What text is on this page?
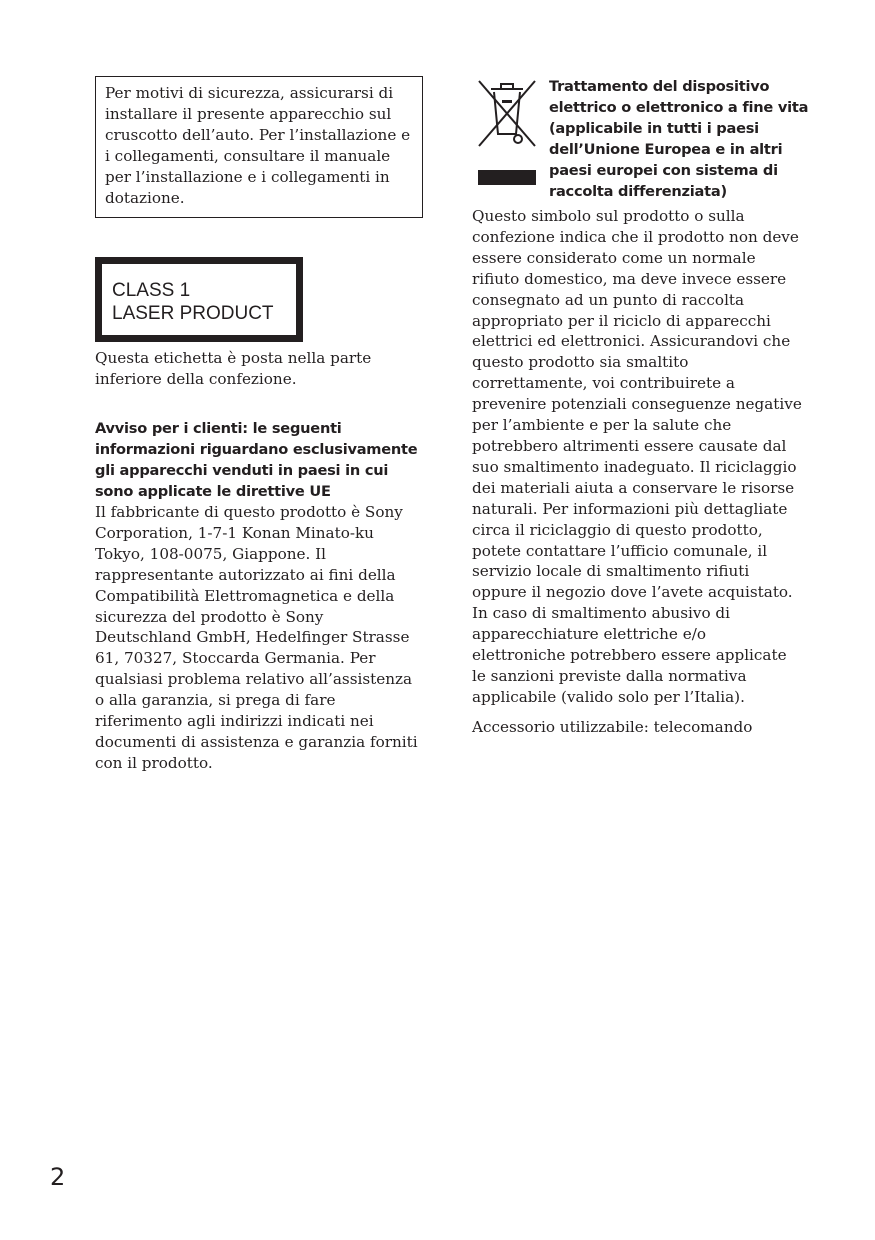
Per motivi di sicurezza, assicurarsi di installare il presente apparecchio sul cruscotto dell’auto. Per l’installazione e i collegamenti, consultare il manuale per l’installazione e i collegamenti in dotazione.
CLASS 1
LASER PRODUCT

Questa etichetta è posta nella parte inferiore della confezione.

Avviso per i clienti: le seguenti informazioni riguardano esclusivamente gli apparecchi venduti in paesi in cui sono applicate le direttive UE

Il fabbricante di questo prodotto è Sony Corporation, 1-7-1 Konan Minato-ku Tokyo, 108-0075, Giappone. Il rappresentante autorizzato ai fini della Compatibilità Elettromagnetica e della sicurezza del prodotto è Sony Deutschland GmbH, Hedelfinger Strasse 61, 70327, Stoccarda Germania. Per qualsiasi problema relativo all’assistenza o alla garanzia, si prega di fare riferimento agli indirizzi indicati nei documenti di assistenza e garanzia forniti con il prodotto.

Trattamento del dispositivo elettrico o elettronico a fine vita (applicabile in tutti i paesi dell’Unione Europea e in altri paesi europei con sistema di raccolta differenziata)

Questo simbolo sul prodotto o sulla confezione indica che il prodotto non deve essere considerato come un normale rifiuto domestico, ma deve invece essere consegnato ad un punto di raccolta appropriato per il riciclo di apparecchi elettrici ed elettronici. Assicurandovi che questo prodotto sia smaltito correttamente, voi contribuirete a prevenire potenziali conseguenze negative per l’ambiente e per la salute che potrebbero altrimenti essere causate dal suo smaltimento inadeguato. Il riciclaggio dei materiali aiuta a conservare le risorse naturali. Per informazioni più dettagliate circa il riciclaggio di questo prodotto, potete contattare l’ufficio comunale, il servizio locale di smaltimento rifiuti oppure il negozio dove l’avete acquistato.

In caso di smaltimento abusivo di apparecchiature elettriche e/o elettroniche potrebbero essere applicate le sanzioni previste dalla normativa applicabile (valido solo per l’Italia).

Accessorio utilizzabile: telecomando

2
